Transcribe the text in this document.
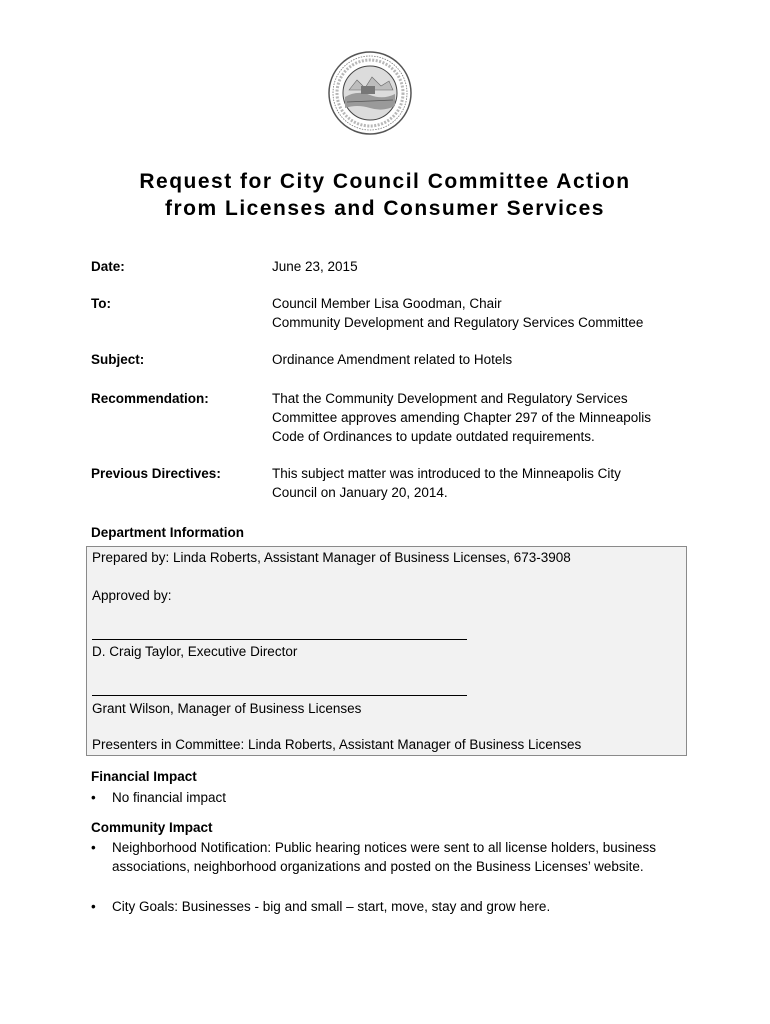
Request for City Council Committee Action
from Licenses and Consumer Services
Date:	June 23, 2015
To:	Council Member Lisa Goodman, Chair
Community Development and Regulatory Services Committee
Subject:	Ordinance Amendment related to Hotels
Recommendation:	That the Community Development and Regulatory Services
Committee approves amending Chapter 297 of the Minneapolis
Code of Ordinances to update outdated requirements.
Previous Directives:	This subject matter was introduced to the Minneapolis City
Council on January 20, 2014.
Department Information
Prepared by: Linda Roberts, Assistant Manager of Business Licenses, 673-3908
Approved by:
D. Craig Taylor, Executive Director
Grant Wilson, Manager of Business Licenses
Presenters in Committee: Linda Roberts, Assistant Manager of Business Licenses
Financial Impact
• No financial impact
Community Impact
• Neighborhood Notification: Public hearing notices were sent to all license holders, business
associations, neighborhood organizations and posted on the Business Licenses’ website.
• City Goals: Businesses - big and small – start, move, stay and grow here.
